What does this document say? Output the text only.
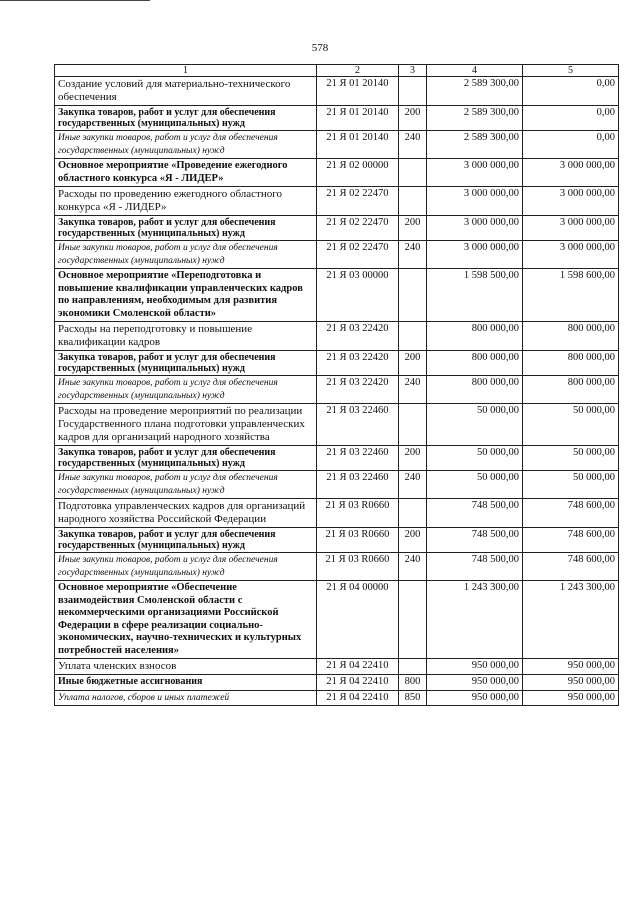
578
1	2	3	4	5
Создание условий для материально-технического обеспечения	21 Я 01 20140		2 589 300,00	0,00
Закупка товаров, работ и услуг для обеспечения государственных (муниципальных) нужд	21 Я 01 20140	200	2 589 300,00	0,00
Иные закупки товаров, работ и услуг для обеспечения государственных (муниципальных) нужд	21 Я 01 20140	240	2 589 300,00	0,00
Основное мероприятие «Проведение ежегодного областного конкурса «Я - ЛИДЕР»	21 Я 02 00000		3 000 000,00	3 000 000,00
Расходы по проведению ежегодного областного конкурса «Я - ЛИДЕР»	21 Я 02 22470		3 000 000,00	3 000 000,00
Закупка товаров, работ и услуг для обеспечения государственных (муниципальных) нужд	21 Я 02 22470	200	3 000 000,00	3 000 000,00
Иные закупки товаров, работ и услуг для обеспечения государственных (муниципальных) нужд	21 Я 02 22470	240	3 000 000,00	3 000 000,00
Основное мероприятие «Переподготовка и повышение квалификации управленческих кадров по направлениям, необходимым для развития экономики Смоленской области»	21 Я 03 00000		1 598 500,00	1 598 600,00
Расходы на переподготовку и повышение квалификации кадров	21 Я 03 22420		800 000,00	800 000,00
Закупка товаров, работ и услуг для обеспечения государственных (муниципальных) нужд	21 Я 03 22420	200	800 000,00	800 000,00
Иные закупки товаров, работ и услуг для обеспечения государственных (муниципальных) нужд	21 Я 03 22420	240	800 000,00	800 000,00
Расходы на проведение мероприятий по реализации Государственного плана подготовки управленческих кадров для организаций народного хозяйства	21 Я 03 22460		50 000,00	50 000,00
Закупка товаров, работ и услуг для обеспечения государственных (муниципальных) нужд	21 Я 03 22460	200	50 000,00	50 000,00
Иные закупки товаров, работ и услуг для обеспечения государственных (муниципальных) нужд	21 Я 03 22460	240	50 000,00	50 000,00
Подготовка управленческих кадров для организаций народного хозяйства Российской Федерации	21 Я 03 R0660		748 500,00	748 600,00
Закупка товаров, работ и услуг для обеспечения государственных (муниципальных) нужд	21 Я 03 R0660	200	748 500,00	748 600,00
Иные закупки товаров, работ и услуг для обеспечения государственных (муниципальных) нужд	21 Я 03 R0660	240	748 500,00	748 600,00
Основное мероприятие «Обеспечение взаимодействия Смоленской области с некоммерческими организациями Российской Федерации в сфере реализации социально-экономических, научно-технических и культурных потребностей населения»	21 Я 04 00000		1 243 300,00	1 243 300,00
Уплата членских взносов	21 Я 04 22410		950 000,00	950 000,00
Иные бюджетные ассигнования	21 Я 04 22410	800	950 000,00	950 000,00
Уплата налогов, сборов и иных платежей	21 Я 04 22410	850	950 000,00	950 000,00
